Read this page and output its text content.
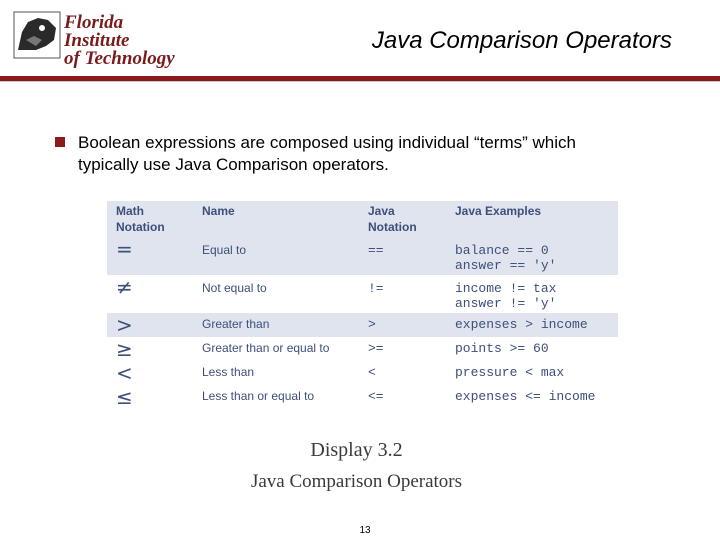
Florida Institute
of Technology
Java Comparison Operators
Boolean expressions are composed using individual “terms” which typically use Java Comparison operators.
Math Notation	Name	Java Notation	Java Examples

=	Equal to	==	balance == 0
answer == 'y'

≠	Not equal to	!=	income != tax
answer != 'y'

>	Greater than	>	expenses > income

≥	Greater than or equal to	>=	points >= 60

<	Less than	<	pressure < max

≤	Less than or equal to	<=	expenses <= income
Display 3.2
Java Comparison Operators
13
